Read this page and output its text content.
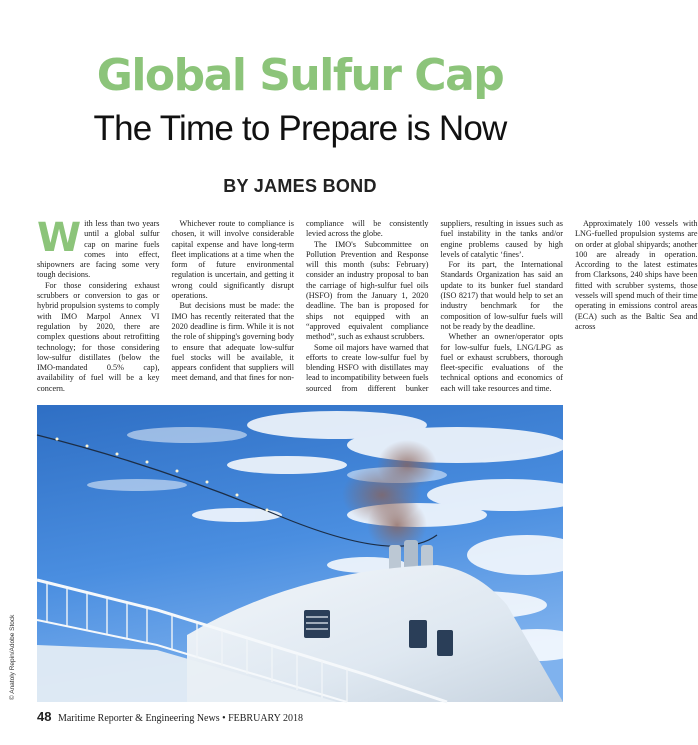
Global Sulfur Cap
The Time to Prepare is Now
BY JAMES BOND

With less than two years until a global sulfur cap on marine fuels comes into effect, shipowners are facing some very tough decisions.

For those considering exhaust scrubbers or conversion to gas or hybrid propulsion systems to comply with IMO Marpol Annex VI regulation by 2020, there are complex questions about retrofitting technology; for those considering low-sulfur distillates (below the IMO-mandated 0.5% cap), availability of fuel will be a key concern.

Whichever route to compliance is chosen, it will involve considerable capital expense and have long-term fleet implications at a time when the form of future environmental regulation is uncertain, and getting it wrong could significantly disrupt operations.

But decisions must be made: the IMO has recently reiterated that the 2020 deadline is firm. While it is not the role of shipping's governing body to ensure that adequate low-sulfur fuel stocks will be available, it appears confident that suppliers will meet demand, and that fines for non-compliance will be consistently levied across the globe.

The IMO's Subcommittee on Pollution Prevention and Response will this month (subs: February) consider an industry proposal to ban the carriage of high-sulfur fuel oils (HSFO) from the January 1, 2020 deadline. The ban is proposed for ships not equipped with an “approved equivalent compliance method”, such as exhaust scrubbers.

Some oil majors have warned that efforts to create low-sulfur fuel by blending HSFO with distillates may lead to incompatibility between fuels sourced from different bunker suppliers, resulting in issues such as fuel instability in the tanks and/or engine problems caused by high levels of catalytic ‘fines’.

For its part, the International Standards Organization has said an update to its bunker fuel standard (ISO 8217) that would help to set an industry benchmark for the composition of low-sulfur fuels will not be ready by the deadline.

Whether an owner/operator opts for low-sulfur fuels, LNG/LPG as fuel or exhaust scrubbers, thorough fleet-specific evaluations of the technical options and economics of each will take resources and time.

Approximately 100 vessels with LNG-fuelled propulsion systems are on order at global shipyards; another 100 are already in operation. According to the latest estimates from Clarksons, 240 ships have been fitted with scrubber systems, those vessels will spend much of their time operating in emissions control areas (ECA) such as the Baltic Sea and across

© Anatoly Repin/Adobe Stock
48 Maritime Reporter & Engineering News • FEBRUARY 2018
